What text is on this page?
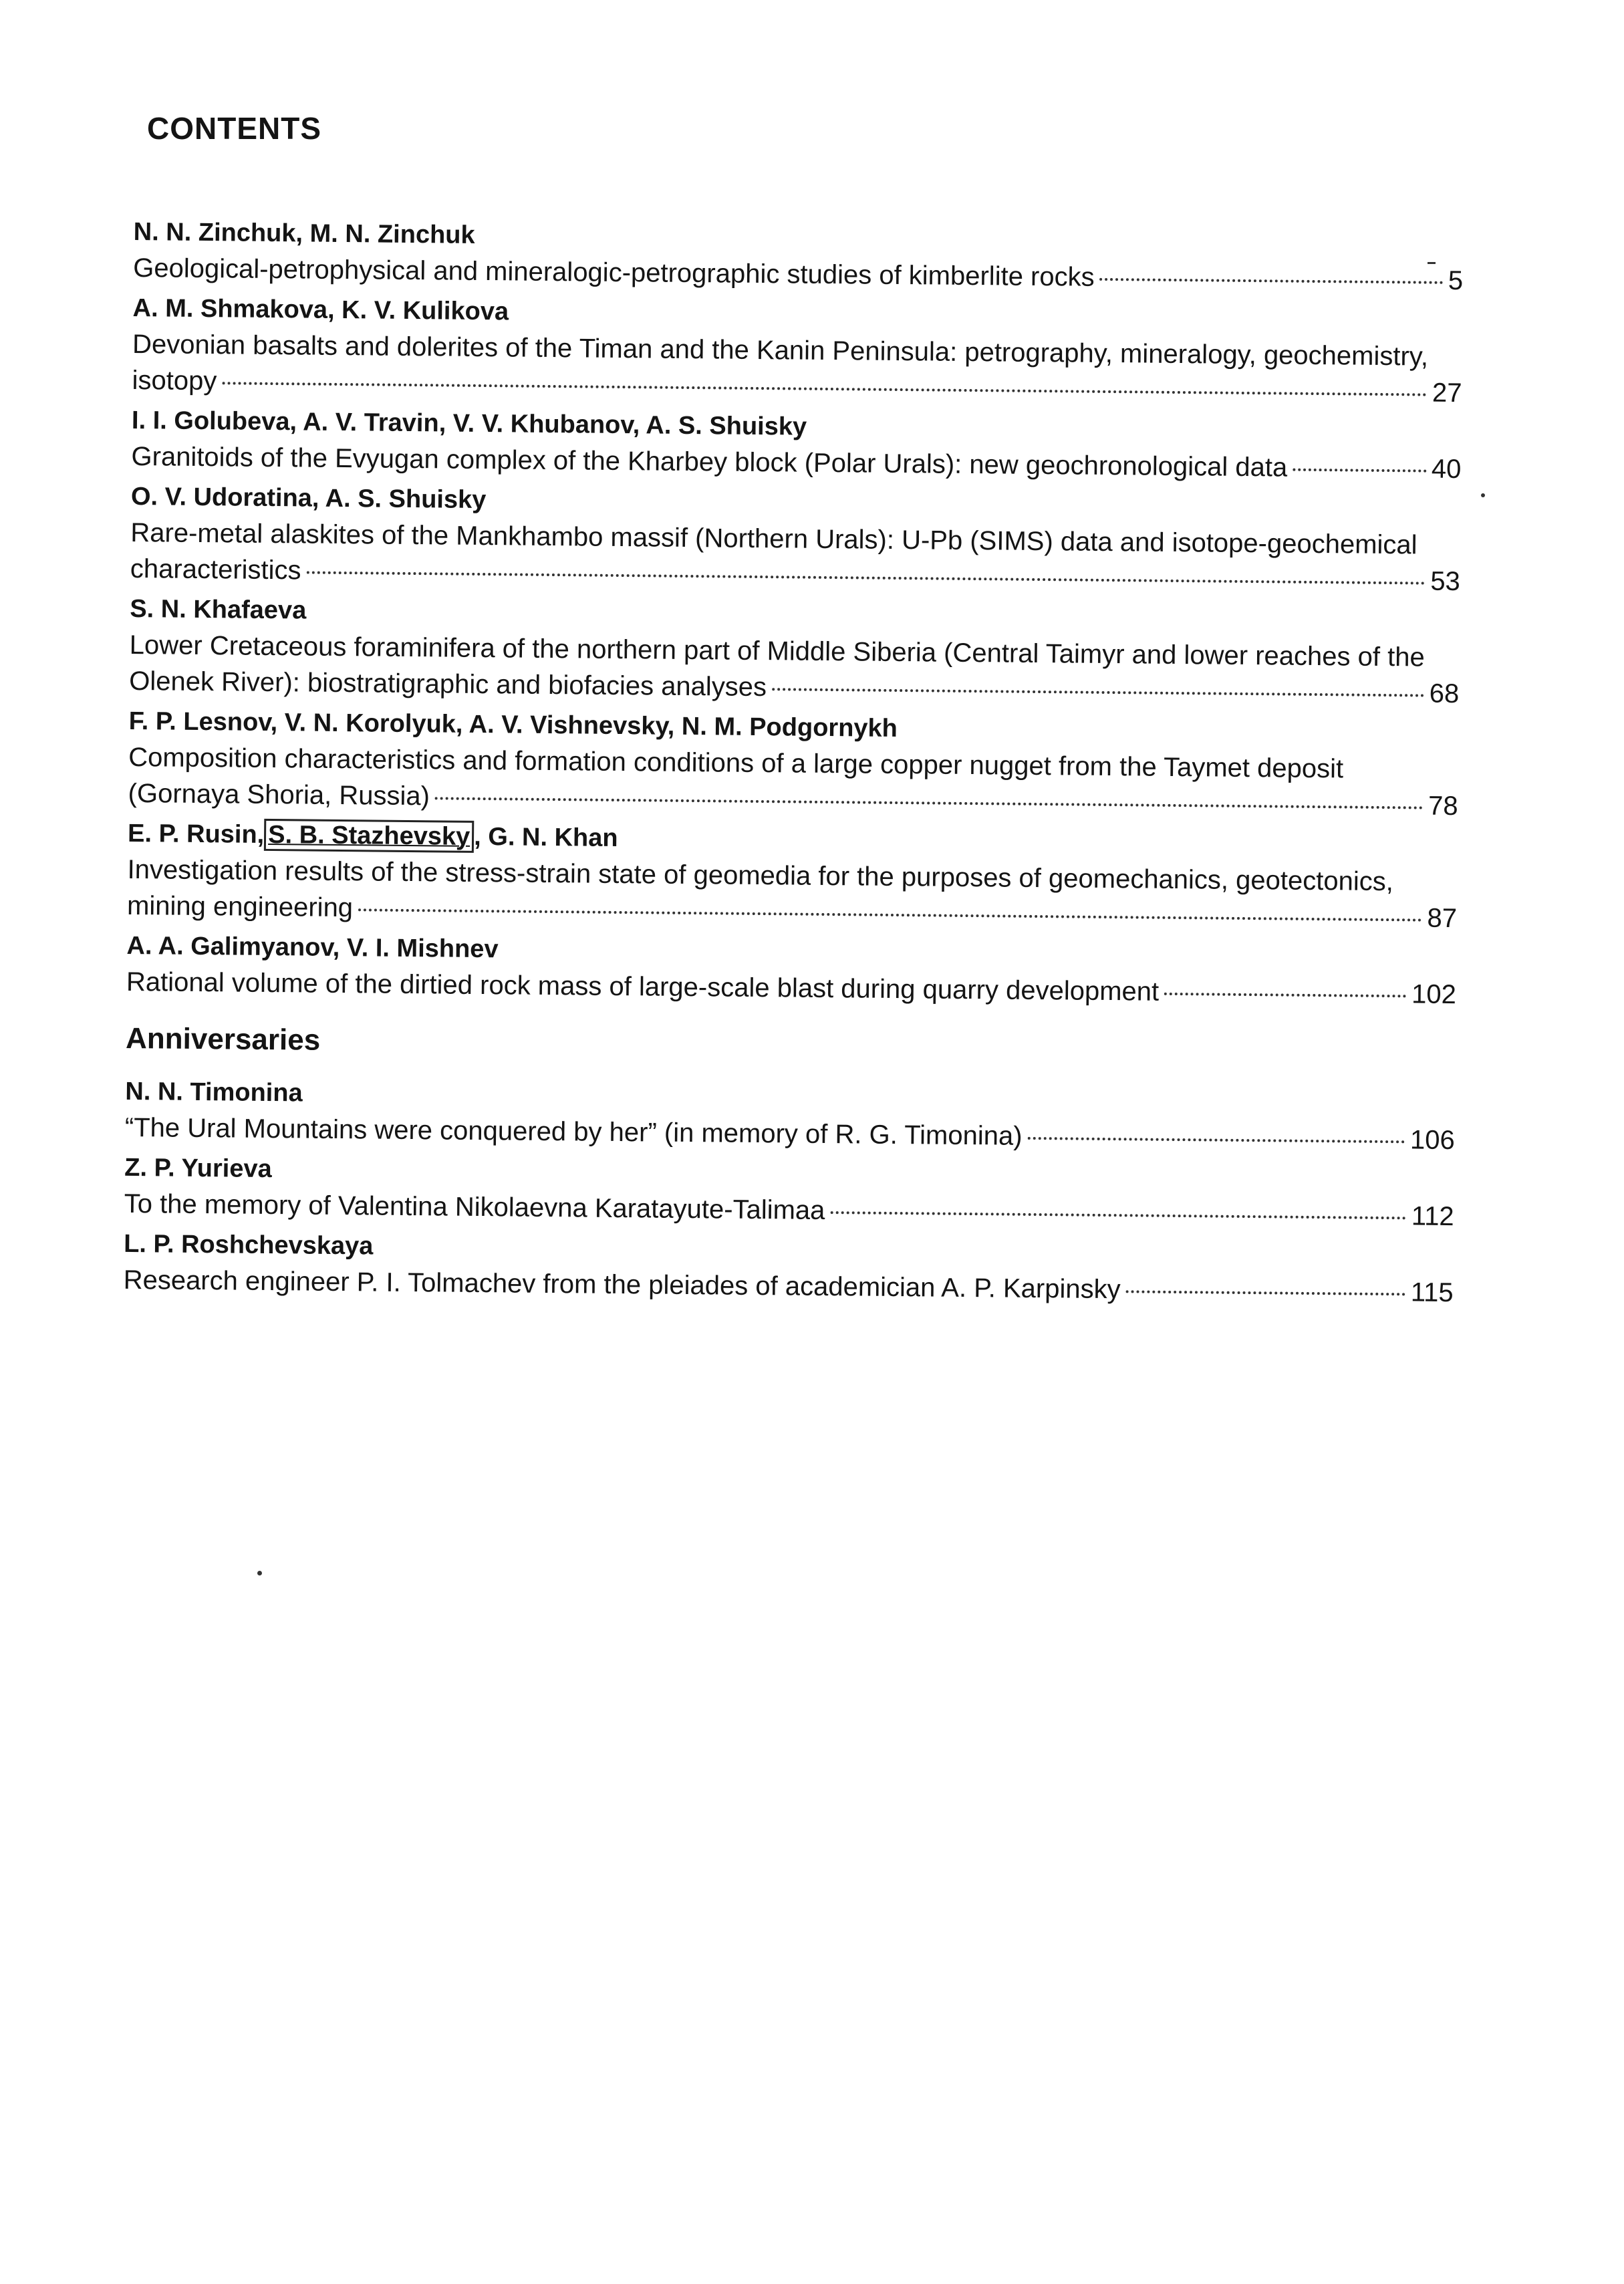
CONTENTS
N. N. Zinchuk, M. N. Zinchuk
Geological-petrophysical and mineralogic-petrographic studies of kimberlite rocks	5
A. M. Shmakova, K. V. Kulikova
Devonian basalts and dolerites of the Timan and the Kanin Peninsula: petrography, mineralogy, geochemistry,
isotopy	27
I. I. Golubeva, A. V. Travin, V. V. Khubanov, A. S. Shuisky
Granitoids of the Evyugan complex of the Kharbey block (Polar Urals): new geochronological data	40
O. V. Udoratina, A. S. Shuisky
Rare-metal alaskites of the Mankhambo massif (Northern Urals): U-Pb (SIMS) data and isotope-geochemical
characteristics	53
S. N. Khafaeva
Lower Cretaceous foraminifera of the northern part of Middle Siberia (Central Taimyr and lower reaches of the
Olenek River): biostratigraphic and biofacies analyses	68
F. P. Lesnov, V. N. Korolyuk, A. V. Vishnevsky, N. M. Podgornykh
Composition characteristics and formation conditions of a large copper nugget from the Taymet deposit
(Gornaya Shoria, Russia)	78
E. P. Rusin, S. B. Stazhevsky , G. N. Khan
Investigation results of the stress-strain state of geomedia for the purposes of geomechanics, geotectonics,
mining engineering	87
A. A. Galimyanov, V. I. Mishnev
Rational volume of the dirtied rock mass of large-scale blast during quarry development	102
Anniversaries
N. N. Timonina
“The Ural Mountains were conquered by her” (in memory of R. G. Timonina)	106
Z. P. Yurieva
To the memory of Valentina Nikolaevna Karatayute-Talimaa	112
L. P. Roshchevskaya
Research engineer P. I. Tolmachev from the pleiades of academician A. P. Karpinsky	115
